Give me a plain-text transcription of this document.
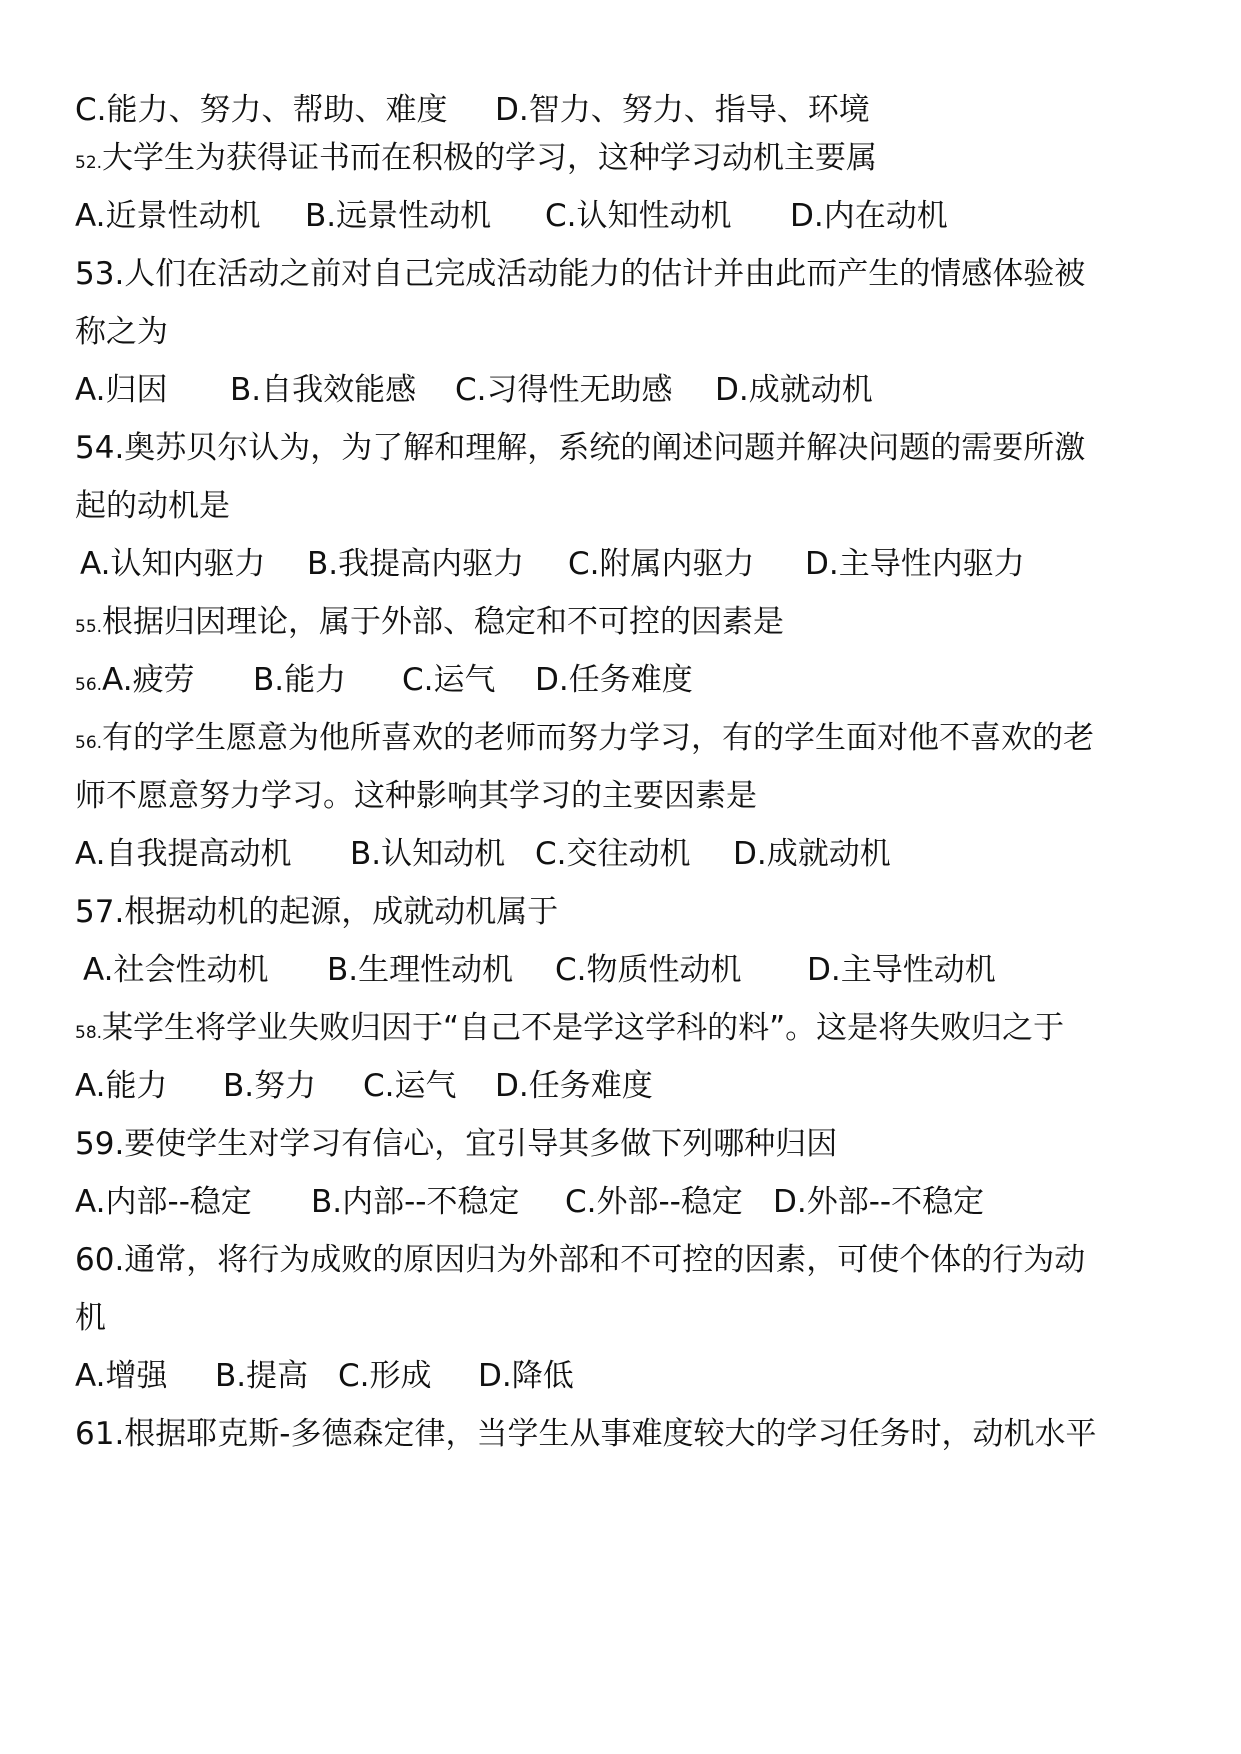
C.能力、努力、帮助、难度 D.智力、努力、指导、环境
52.大学生为获得证书而在积极的学习，这种学习动机主要属
A.近景性动机 B.远景性动机 C.认知性动机 D.内在动机
53.人们在活动之前对自己完成活动能力的估计并由此而产生的情感体验被
称之为
A.归因 B.自我效能感 C.习得性无助感 D.成就动机
54.奥苏贝尔认为，为了解和理解，系统的阐述问题并解决问题的需要所激
起的动机是
A.认知内驱力 B.我提高内驱力 C.附属内驱力 D.主导性内驱力
55.根据归因理论，属于外部、稳定和不可控的因素是
56.A.疲劳 B.能力 C.运气 D.任务难度
56.有的学生愿意为他所喜欢的老师而努力学习，有的学生面对他不喜欢的老
师不愿意努力学习。这种影响其学习的主要因素是
A.自我提高动机 B.认知动机 C.交往动机 D.成就动机
57.根据动机的起源，成就动机属于
A.社会性动机 B.生理性动机 C.物质性动机 D.主导性动机
58.某学生将学业失败归因于“自己不是学这学科的料”。这是将失败归之于
A.能力 B.努力 C.运气 D.任务难度
59.要使学生对学习有信心，宜引导其多做下列哪种归因
A.内部--稳定 B.内部--不稳定 C.外部--稳定 D.外部--不稳定
60.通常，将行为成败的原因归为外部和不可控的因素，可使个体的行为动
机
A.增强 B.提高 C.形成 D.降低
61.根据耶克斯-多德森定律，当学生从事难度较大的学习任务时，动机水平
